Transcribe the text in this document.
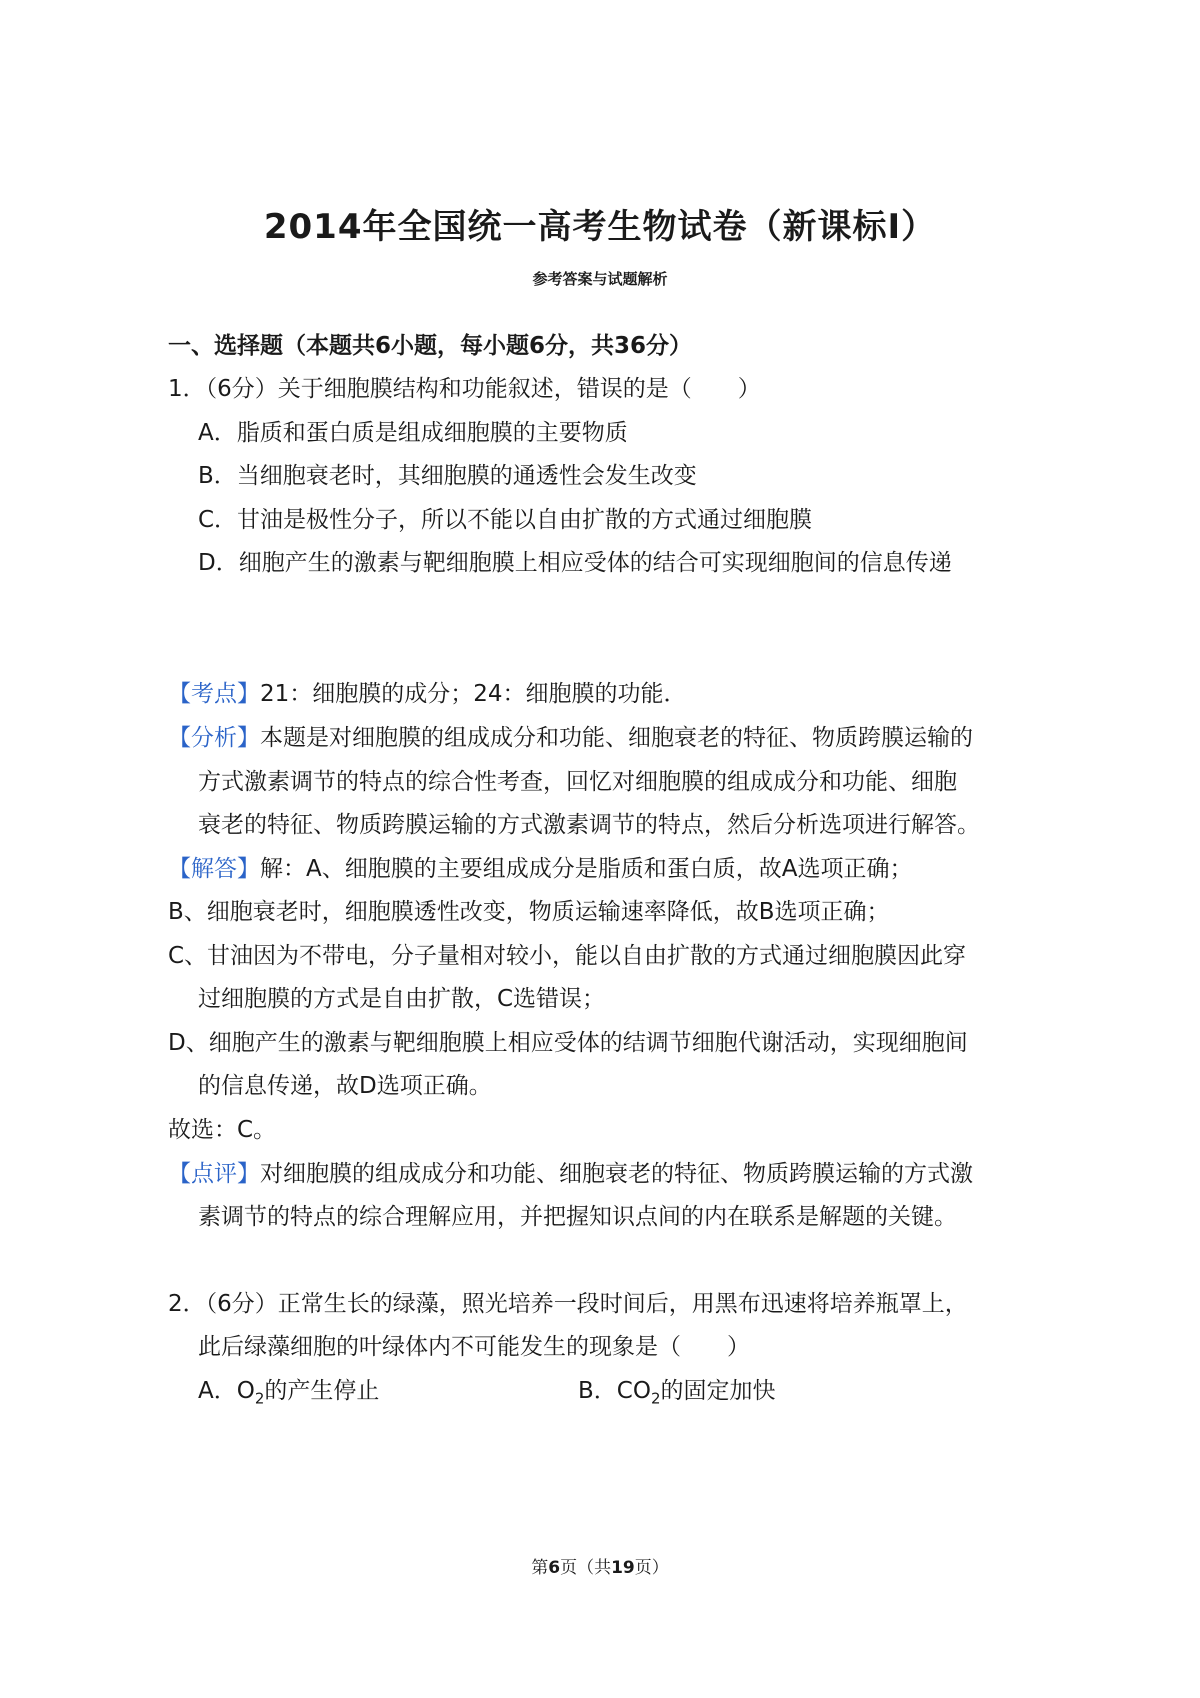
2014年全国统一高考生物试卷（新课标Ⅰ）
参考答案与试题解析
一、选择题（本题共6小题，每小题6分，共36分）
1．（6分）关于细胞膜结构和功能叙述，错误的是（　　）
A．脂质和蛋白质是组成细胞膜的主要物质
B．当细胞衰老时，其细胞膜的通透性会发生改变
C．甘油是极性分子，所以不能以自由扩散的方式通过细胞膜
D．细胞产生的激素与靶细胞膜上相应受体的结合可实现细胞间的信息传递
【考点】21：细胞膜的成分；24：细胞膜的功能．
【分析】本题是对细胞膜的组成成分和功能、细胞衰老的特征、物质跨膜运输的
方式激素调节的特点的综合性考查，回忆对细胞膜的组成成分和功能、细胞
衰老的特征、物质跨膜运输的方式激素调节的特点，然后分析选项进行解答。
【解答】解：A、细胞膜的主要组成成分是脂质和蛋白质，故A选项正确；
B、细胞衰老时，细胞膜透性改变，物质运输速率降低，故B选项正确；
C、甘油因为不带电，分子量相对较小，能以自由扩散的方式通过细胞膜因此穿
过细胞膜的方式是自由扩散，C选错误；
D、细胞产生的激素与靶细胞膜上相应受体的结调节细胞代谢活动，实现细胞间
的信息传递，故D选项正确。
故选：C。
【点评】对细胞膜的组成成分和功能、细胞衰老的特征、物质跨膜运输的方式激
素调节的特点的综合理解应用，并把握知识点间的内在联系是解题的关键。
2．（6分）正常生长的绿藻，照光培养一段时间后，用黑布迅速将培养瓶罩上，
此后绿藻细胞的叶绿体内不可能发生的现象是（　　）
A．$O_2$的产生停止	B．$CO_2$的固定加快
第6页（共19页）
